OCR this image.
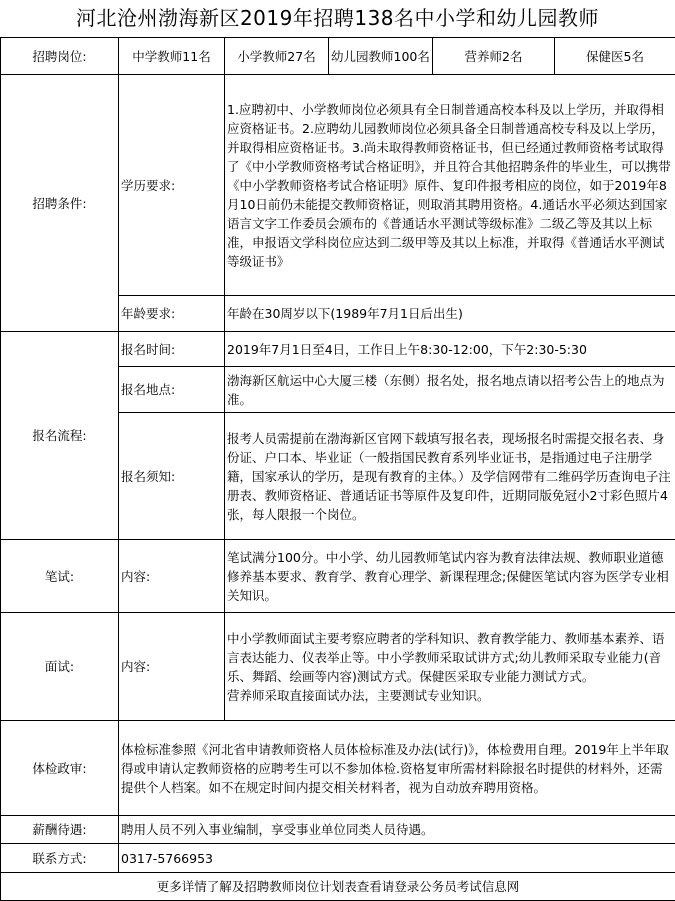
河北沧州渤海新区2019年招聘138名中小学和幼儿园教师
招聘岗位:	中学教师11名	小学教师27名	幼儿园教师100名	营养师2名	保健医5名
招聘条件:	学历要求:	1.应聘初中、小学教师岗位必须具有全日制普通高校本科及以上学历，并取得相应资格证书。2.应聘幼儿园教师岗位必须具备全日制普通高校专科及以上学历，并取得相应资格证书。3.尚未取得教师资格证书，但已经通过教师资格考试取得了《中小学教师资格考试合格证明》，并且符合其他招聘条件的毕业生，可以携带《中小学教师资格考试合格证明》原件、复印件报考相应的岗位，如于2019年8月10日前仍未能提交教师资格证，则取消其聘用资格。4.通话水平必须达到国家语言文字工作委员会颁布的《普通话水平测试等级标准》二级乙等及其以上标准，申报语文学科岗位应达到二级甲等及其以上标准，并取得《普通话水平测试等级证书》			
	年龄要求:	年龄在30周岁以下(1989年7月1日后出生)			
报名流程:	报名时间:	2019年7月1日至4日，工作日上午8:30-12:00，下午2:30-5:30			
	报名地点:	渤海新区航运中心大厦三楼（东侧）报名处，报名地点请以招考公告上的地点为准。			
	报名须知:	报考人员需提前在渤海新区官网下载填写报名表，现场报名时需提交报名表、身份证、户口本、毕业证（一般指国民教育系列毕业证书，是指通过电子注册学籍，国家承认的学历，是现有教育的主体。）及学信网带有二维码学历查询电子注册表、教师资格证、普通话证书等原件及复印件，近期同版免冠小2寸彩色照片4张，每人限报一个岗位。			
笔试:	内容:	笔试满分100分。中小学、幼儿园教师笔试内容为教育法律法规、教师职业道德修养基本要求、教育学、教育心理学、新课程理念;保健医笔试内容为医学专业相关知识。			
面试:	内容:	中小学教师面试主要考察应聘者的学科知识、教育教学能力、教师基本素养、语言表达能力、仪表举止等。中小学教师采取试讲方式;幼儿教师采取专业能力(音乐、舞蹈、绘画等内容)测试方式。保健医采取专业能力测试方式。
营养师采取直接面试办法，主要测试专业知识。			

体检政审:	体检标准参照《河北省申请教师资格人员体检标准及办法(试行)》，体检费用自理。2019年上半年取得或申请认定教师资格的应聘考生可以不参加体检.资格复审所需材料除报名时提供的材料外，还需提供个人档案。如不在规定时间内提交相关材料者，视为自动放弃聘用资格。				
薪酬待遇:	聘用人员不列入事业编制，享受事业单位同类人员待遇。				
联系方式:	0317-5766953				
更多详情了解及招聘教师岗位计划表查看请登录公务员考试信息网					
